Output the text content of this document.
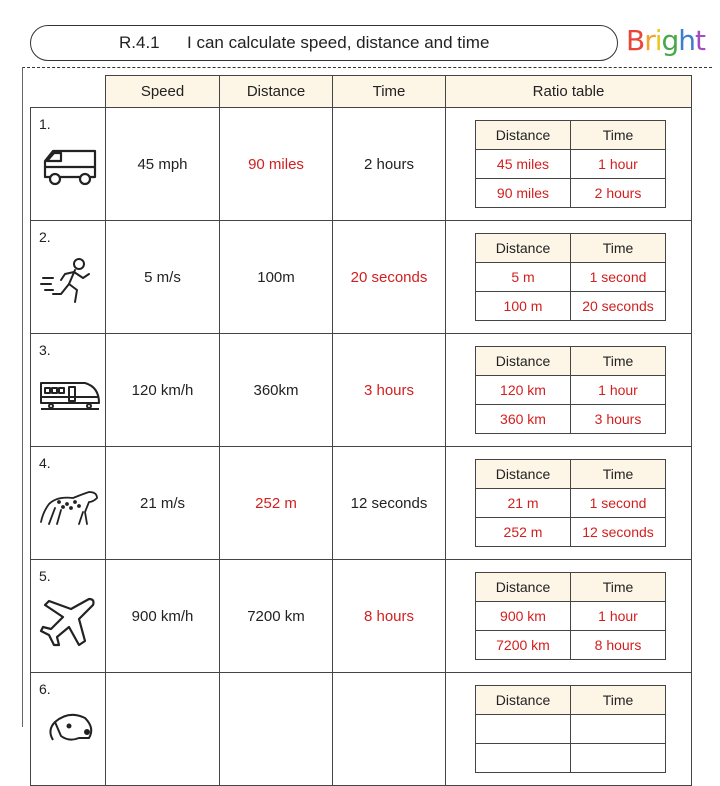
R.4.1 I can calculate speed, distance and time	Bright
	Speed	Distance	Time	Ratio table

1.
	45 mph	90 miles	2 hours	
Distance	Time
45 miles	1 hour
90 miles	2 hours

2.
	5 m/s	100m	20 seconds	
Distance	Time
5 m	1 second
100 m	20 seconds

3.
	120 km/h	360km	3 hours	
Distance	Time
120 km	1 hour
360 km	3 hours

4.
	21 m/s	252 m	12 seconds	
Distance	Time
21 m	1 second
252 m	12 seconds

5.
	900 km/h	7200 km	8 hours	
Distance	Time
900 km	1 hour
7200 km	8 hours

6.

Distance	Time
